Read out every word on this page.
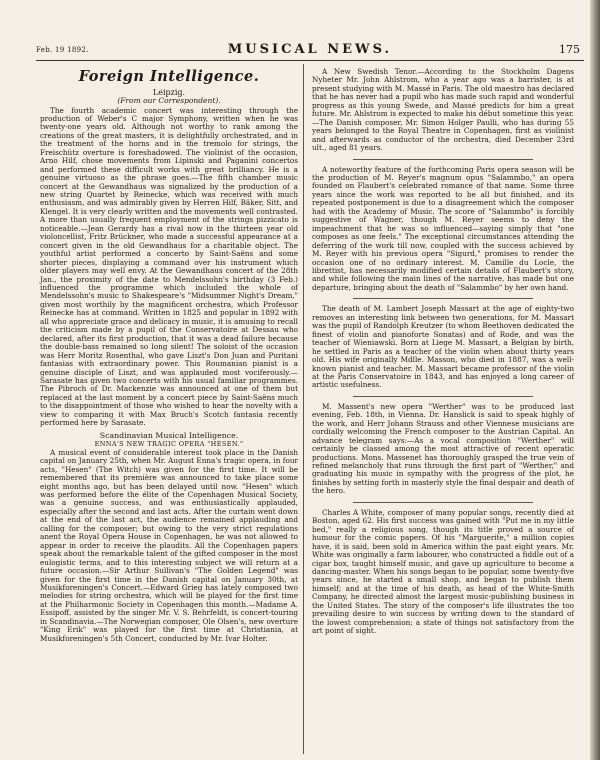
Feb. 19 1892.	MUSICAL NEWS.	175
Foreign Intelligence.
Leipzig.
(From our Correspondent).

The fourth academic concert was interesting through the production of Weber's C major Symphony, written when he was twenty-one years old. Although not worthy to rank among the creations of the great masters, it is delightfully orchestrated, and in the treatment of the horns and in the tremolo for strings, the Freischütz overture is foreshadowed. The violinist of the occasion, Arno Hilf, chose movements from Lipinski and Paganini concertos and performed these difficult works with great brilliancy. He is a genuine virtuoso as the phrase goes.—The fifth chamber music concert at the Gewandhaus was signalized by the production of a new string Quartet by Reinecke, which was received with much enthusiasm, and was admirably given by Herren Hilf, Bäker, Sitt, and Klengel. It is very clearly written and the movements well contrasted. A more than usually frequent employment of the strings pizzicato is noticeable.—Jean Gerardy has a rival now in the thirteen year old violoncellist, Fritz Brückner, who made a successful appearance at a concert given in the old Gewandhaus for a charitable object. The youthful artist performed a concerto by Saint-Saëns and some shorter pieces, displaying a command over his instrument which older players may well envy. At the Gewandhaus concert of the 28th Jan., the proximity of the date to Mendelssohn's birthday (3 Feb.) influenced the programme which included the whole of Mendelssohn's music to Shakespeare's "Midsummer Night's Dream," given most worthily by the magnificent orchestra, which Professor Reinecke has at command. Written in 1825 and popular in 1892 with all who appreciate grace and delicacy in music, it is amusing to recall the criticism made by a pupil of the Conservatoire at Dessau who declared, after its first production, that it was a dead failure because the double-bass remained so long silent! The soloist of the occasion was Herr Moritz Rosenthal, who gave Liszt's Don Juan and Puritani fantasias with extraordinary power. This Roumanian pianist is a genuine disciple of Liszt, and was applauded most vociferously.—Sarasate has given two concerts with his usual familiar programmes. The Pibroch of Dr. Mackenzie was announced at one of them but replaced at the last moment by a concert piece by Saint-Saëns much to the disappointment of those who wished to hear the novelty with a view to comparing it with Max Bruch's Scotch fantasia recently performed here by Sarasate.

Scandinavian Musical Intelligence.
ENNA'S NEW TRAGIC OPERA "HESEN."

A musical event of considerable interest took place in the Danish capital on January 25th, when Mr. August Enna's tragic opera, in four acts, "Hesen" (The Witch) was given for the first time. It will be remembered that its première was announced to take place some eight months ago, but has been delayed until now. "Hesen" which was performed before the élite of the Copenhagen Musical Society, was a genuine success, and was enthusiastically applauded, especially after the second and last acts. After the curtain went down at the end of the last act, the audience remained applauding and calling for the composer; but owing to the very strict regulations anent the Royal Opera House in Copenhagen, he was not allowed to appear in order to receive the plaudits. All the Copenhagen papers speak about the remarkable talent of the gifted composer in the most eulogistic terms, and to this interesting subject we will return at a future occasion.—Sir Arthur Sullivan's "The Golden Legend" was given for the first time in the Danish capital on January 30th, at Musikforeningen's Concert.—Edward Grieg has lately composed two melodies for string orchestra, which will be played for the first time at the Philharmonic Society in Copenhagen this month.—Madame A. Essipoff, assisted by the singer Mr. V. S. Behrfeldt, is concert-touring in Scandinavia.—The Norwegian composer, Ole Olsen's, new overture "King Erik" was played for the first time at Christiania, at Musikforeningen's 5th Concert, conducted by Mr. Ivar Holter.

A New Swedish Tenor.—According to the Stockholm Dagens Nyheter Mr. John Ahlstrom, who a year ago was a barrister, is at present studying with M. Massé in Paris. The old maestro has declared that he has never had a pupil who has made such rapid and wonderful progress as this young Swede, and Massé predicts for him a great future. Mr. Ahlstrom is expected to make his début sometime this year.—The Danish composer, Mr. Simon Holger Paulli, who has during 55 years belonged to the Royal Theatre in Copenhagen, first as violinist and afterwards as conductor of the orchestra, died December 23rd ult., aged 81 years.

A noteworthy feature of the forthcoming Paris opera season will be the production of M. Reyer's magnum opus "Salammbo," an opera founded on Flaubert's celebrated romance of that name. Some three years since the work was reported to be all but finished, and its repeated postponement is due to a disagreement which the composer had with the Academy of Music. The score of "Salammbo" is forcibly suggestive of Wagner, though M. Reyer seems to deny the impeachment that he was so influenced—saying simply that "one composes as one feels." The exceptional circumstances attending the deferring of the work till now, coupled with the success achieved by M. Reyer with his previous opera "Sigurd," promises to render the occasion one of no ordinary interest. M. Camille du Locle, the librettist, has necessarily modified certain details of Flaubert's story, and while following the main lines of the narrative, has made but one departure, bringing about the death of "Salammbo" by her own hand.

The death of M. Lambert Joseph Massart at the age of eighty-two removes an interesting link between two generations, for M. Massart was the pupil of Randolph Kreutzer (to whom Beethoven dedicated the finest of violin and pianoforte Sonatas) and of Rode, and was the teacher of Wieniawski. Born at Liege M. Massart, a Belgian by birth, he settled in Paris as a teacher of the violin when about thirty years old. His wife originally Mdlle. Masson, who died in 1887, was a well-known pianist and teacher. M. Massart became professor of the violin at the Paris Conservatoire in 1843, and has enjoyed a long career of artistic usefulness.

M. Massent's new opera "Werther" was to be produced last evening, Feb. 18th, in Vienna. Dr. Hanslick is said to speak highly of the work, and Herr Johann Strauss and other Viennese musicians are cordially welcoming the French composer to the Austrian Capital. An advance telegram says:—As a vocal composition "Werther" will certainly be classed among the most attractive of recent operatic productions. Mons. Massenet has thoroughly grasped the true vein of refined melancholy that runs through the first part of "Werther," and graduating his music in sympathy with the progress of the plot, he finishes by setting forth in masterly style the final despair and death of the hero.

Charles A White, composer of many popular songs, recently died at Boston, aged 62. His first success was gained with "Put me in my little bed," really a religious song, though its title proved a source of humour for the comic papers. Of his "Marguerite," a million copies have, it is said, been sold in America within the past eight years. Mr. White was originally a farm labourer, who constructed a fiddle out of a cigar box, taught himself music, and gave up agriculture to become a dancing-master. When his songs began to be popular, some twenty-five years since, he started a small shop, and began to publish them himself; and at the time of his death, as head of the White-Smith Company, he directed almost the largest music-publishing business in the United States. The story of the composer's life illustrates the too prevailing desire to win success by writing down to the standard of the lowest comprehension; a state of things not satisfactory from the art point of sight.
